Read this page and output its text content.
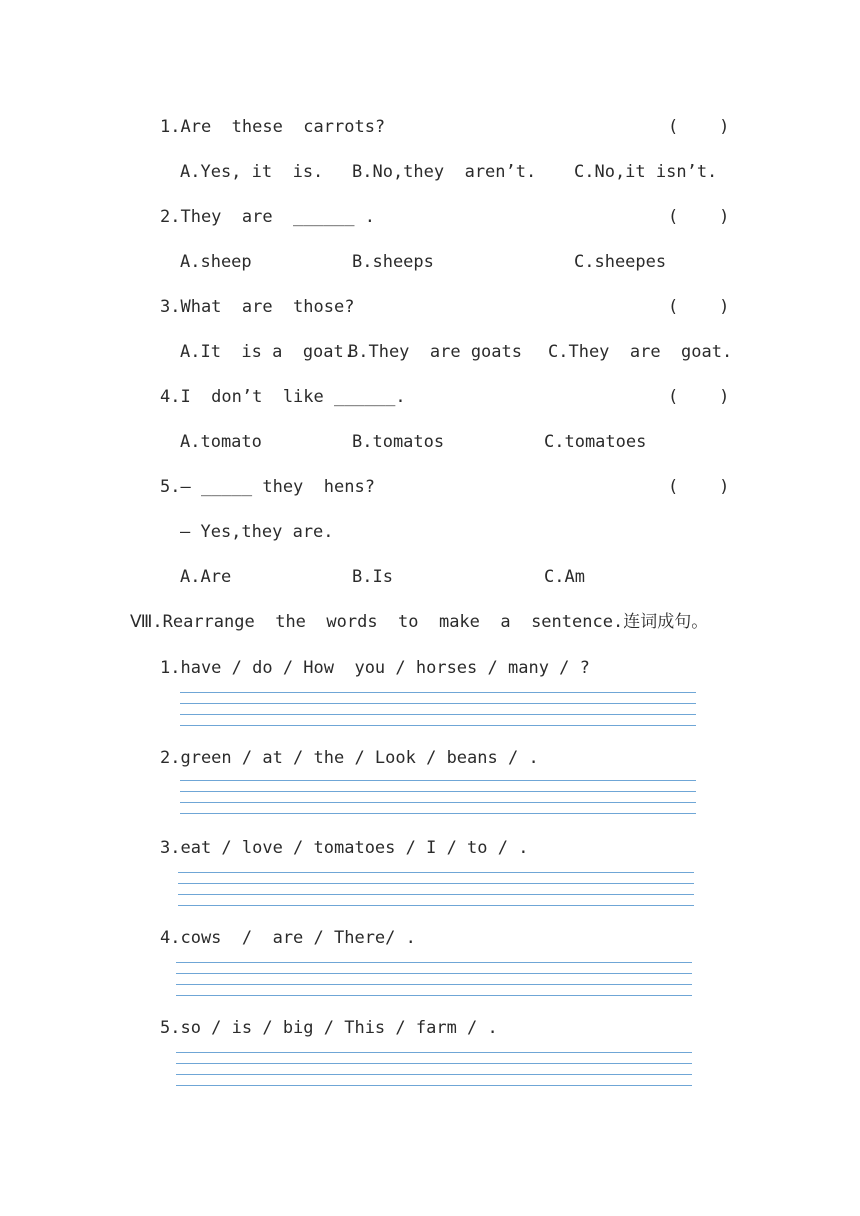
1.Are  these  carrots?	(    )
A.Yes, it  is. B.No,they  aren’t. C.No,it isn’t.
2.They  are  ______ .	(    )
A.sheep	B.sheeps	C.sheepes
3.What  are  those?	(    )
A.It  is a  goat.
B.They  are goats C.They  are  goat.
4.I  don’t  like ______.	(    )
A.tomato	B.tomatos	C.tomatoes
5.— _____ they  hens?	(    )
— Yes,they are.
A.Are	B.Is	C.Am
Ⅷ.Rearrange  the  words  to  make  a  sentence.连词成句。
1.have / do / How  you / horses / many / ?
2.green / at / the / Look / beans / .
3.eat / love / tomatoes / I / to / .
4.cows  /  are / There/ .
5.so / is / big / This / farm / .
